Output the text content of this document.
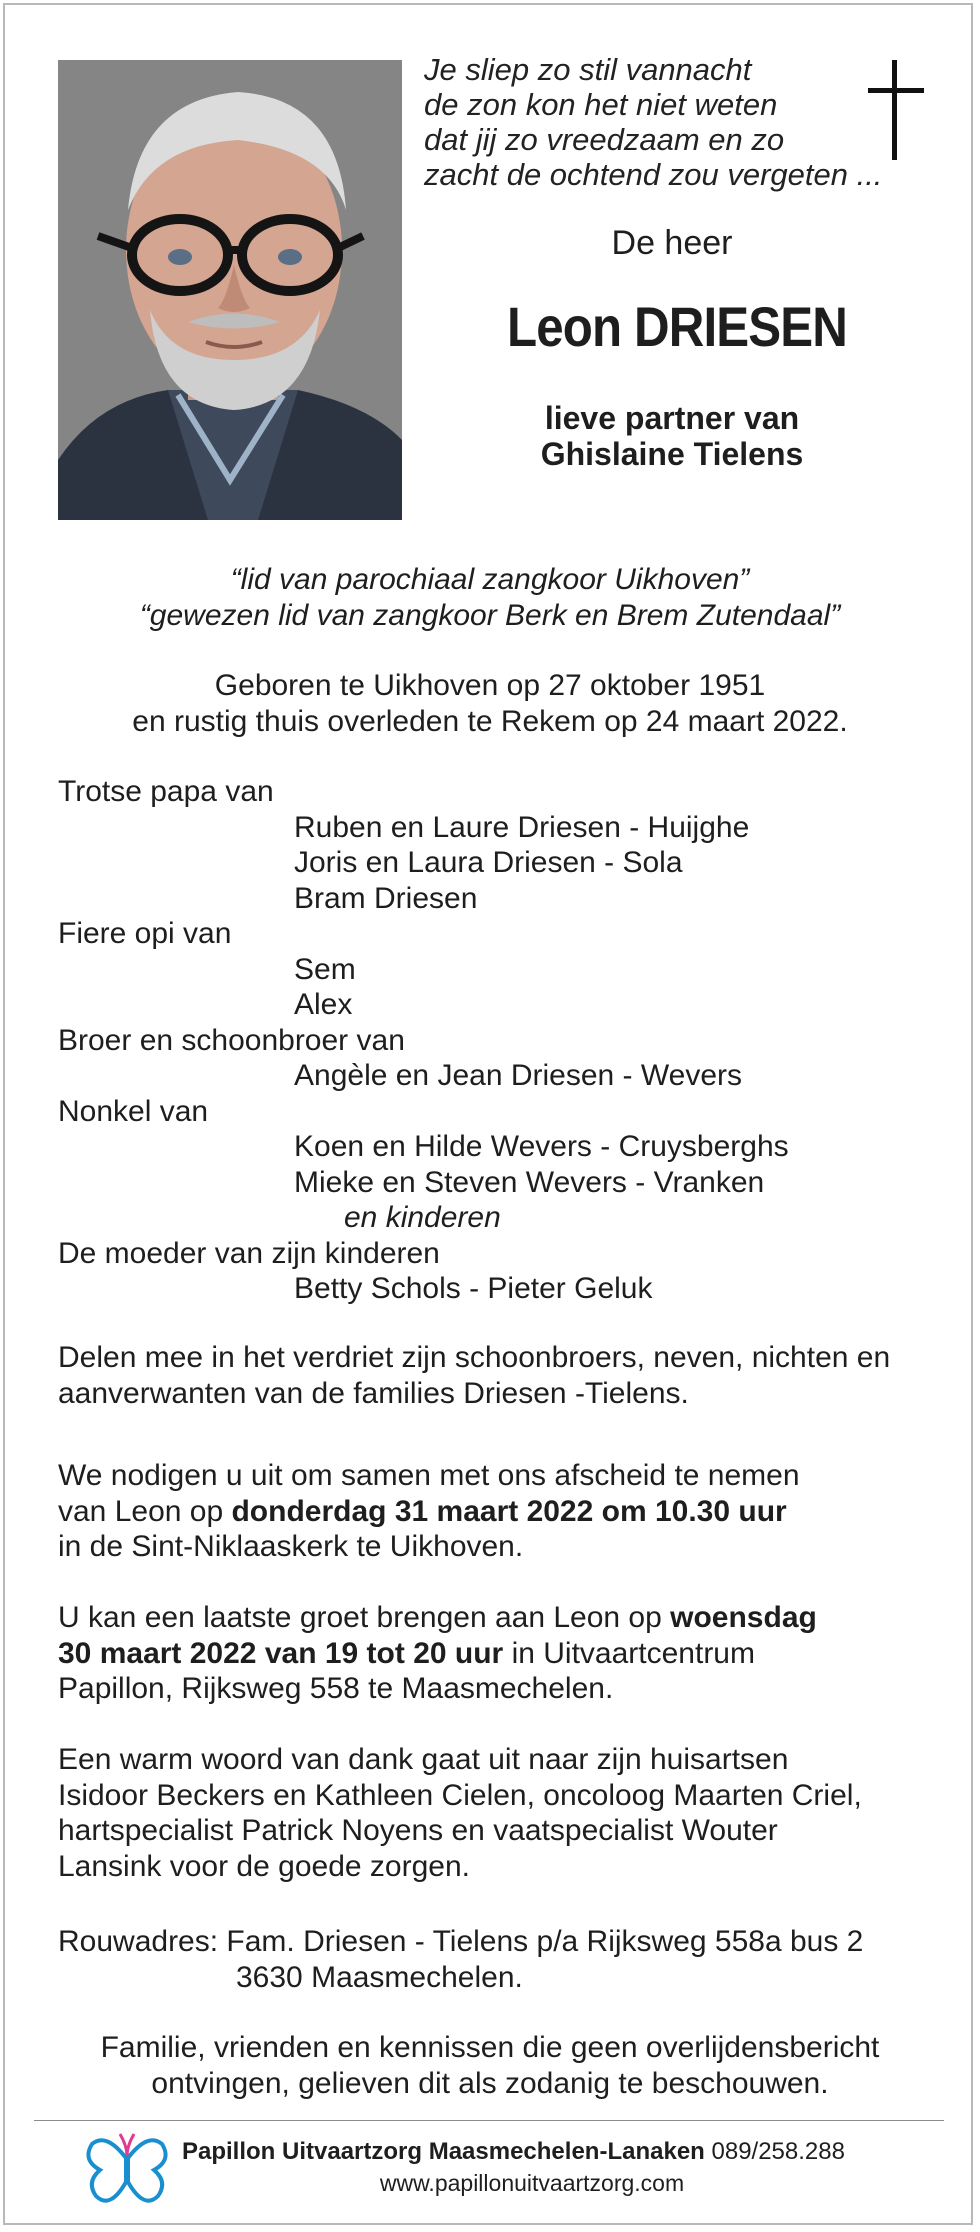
Je sliep zo stil vannacht
de zon kon het niet weten
dat jij zo vreedzaam en zo
zacht de ochtend zou vergeten ...
De heer
Leon DRIESEN
lieve partner van
Ghislaine Tielens
“lid van parochiaal zangkoor Uikhoven”
“gewezen lid van zangkoor Berk en Brem Zutendaal”
Geboren te Uikhoven op 27 oktober 1951
en rustig thuis overleden te Rekem op 24 maart 2022.
Trotse papa van
Ruben en Laure Driesen - Huijghe
Joris en Laura Driesen - Sola
Bram Driesen
Fiere opi van
Sem
Alex
Broer en schoonbroer van
Angèle en Jean Driesen - Wevers
Nonkel van
Koen en Hilde Wevers - Cruysberghs
Mieke en Steven Wevers - Vranken
en kinderen
De moeder van zijn kinderen
Betty Schols - Pieter Geluk
Delen mee in het verdriet zijn schoonbroers, neven, nichten en
aanverwanten van de families Driesen -Tielens.
We nodigen u uit om samen met ons afscheid te nemen
van Leon op donderdag 31 maart 2022 om 10.30 uur
in de Sint-Niklaaskerk te Uikhoven.
U kan een laatste groet brengen aan Leon op woensdag
30 maart 2022 van 19 tot 20 uur in Uitvaartcentrum
Papillon, Rijksweg 558 te Maasmechelen.
Een warm woord van dank gaat uit naar zijn huisartsen
Isidoor Beckers en Kathleen Cielen, oncoloog Maarten Criel,
hartspecialist Patrick Noyens en vaatspecialist Wouter
Lansink voor de goede zorgen.
Rouwadres: Fam. Driesen - Tielens p/a Rijksweg 558a bus 2
3630 Maasmechelen.
Familie, vrienden en kennissen die geen overlijdensbericht
ontvingen, gelieven dit als zodanig te beschouwen.
Papillon Uitvaartzorg Maasmechelen-Lanaken 089/258.288
www.papillonuitvaartzorg.com
